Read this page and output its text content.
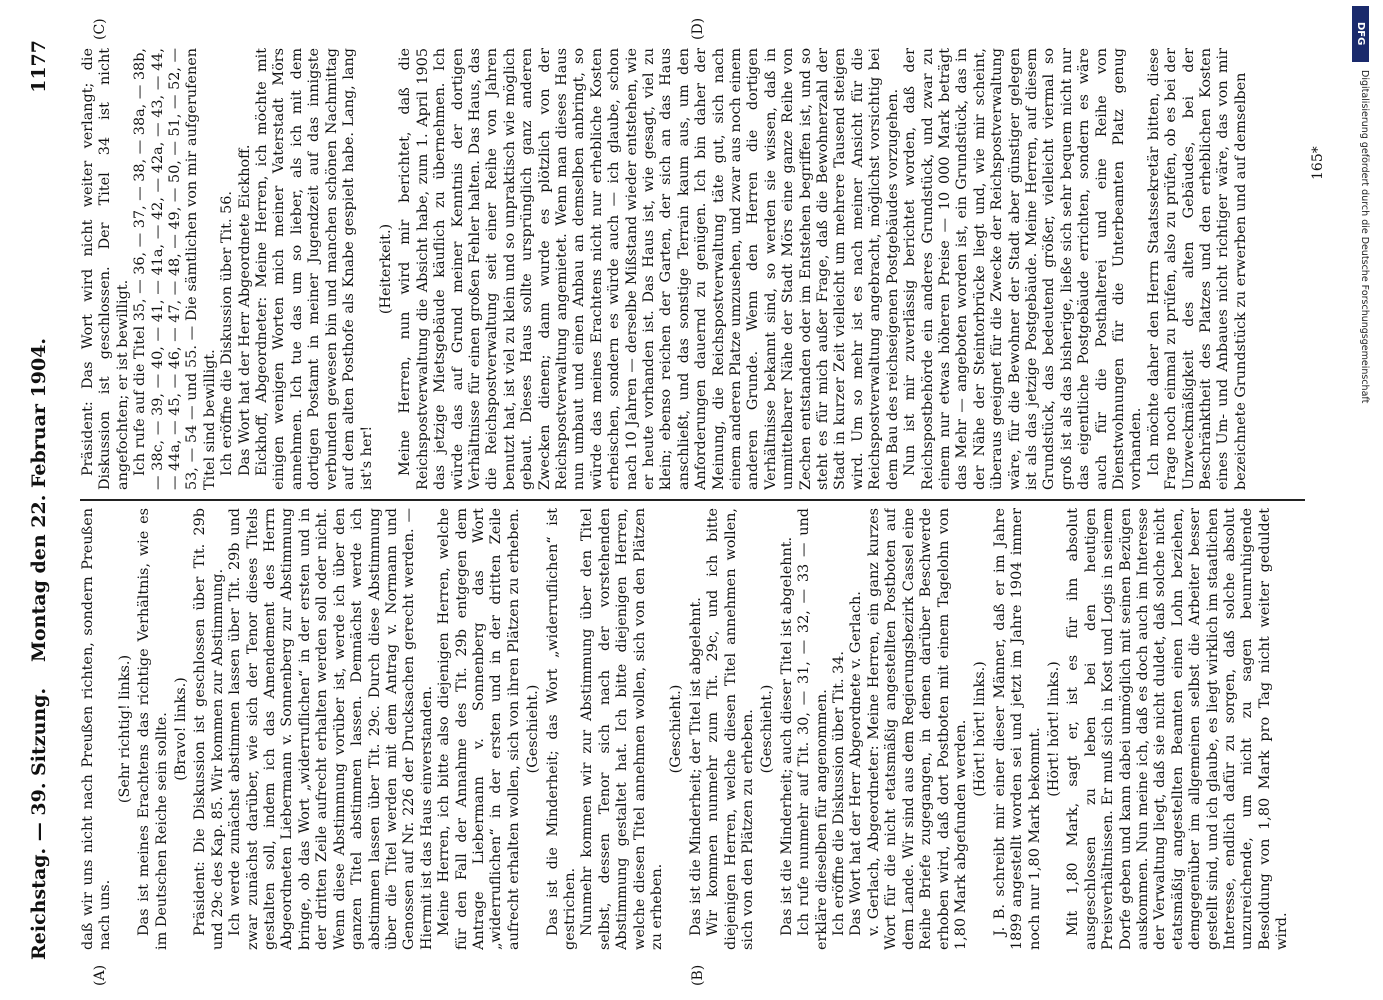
Reichstag. — 39. Sitzung.
Montag den 22. Februar 1904.
1177
(A)	(B)
(C)	(D)

daß wir uns nicht nach Preußen richten, sondern Preußen nach uns.

(Sehr richtig! links.) Das ist meines Erachtens das richtige Verhältnis, wie es im Deutschen Reiche sein sollte. (Bravo! links.) Präsident: Die Diskussion ist geschlossen über Tit. 29b und 29c des Kap. 85. Wir kommen zur Abstimmung. Ich werde zunächst abstimmen lassen über Tit. 29b und zwar zunächst darüber, wie sich der Tenor dieses Titels gestalten soll, indem ich das Amendement des Herrn Abgeordneten Liebermann v. Sonnenberg zur Abstimmung bringe, ob das Wort „widerruflichen“ in der ersten und in der dritten Zeile aufrecht erhalten werden soll oder nicht. Wenn diese Abstimmung vorüber ist, werde ich über den ganzen Titel abstimmen lassen. Demnächst werde ich abstimmen lassen über Tit. 29c. Durch diese Abstimmung über die Titel werden mit dem Antrag v. Normann und Genossen auf Nr. 226 der Drucksachen gerecht werden. — Hiermit ist das Haus einverstanden. Meine Herren, ich bitte also diejenigen Herren, welche für den Fall der Annahme des Tit. 29b entgegen dem Antrage Liebermann v. Sonnenberg das Wort „widerruflichen“ in der ersten und in der dritten Zeile aufrecht erhalten wollen, sich von ihren Plätzen zu erheben. (Geschieht.) Das ist die Minderheit; das Wort „widerruflichen“ ist gestrichen. Nunmehr kommen wir zur Abstimmung über den Titel selbst, dessen Tenor sich nach der vorstehenden Abstimmung gestaltet hat. Ich bitte diejenigen Herren, welche diesen Titel annehmen wollen, sich von den Plätzen zu erheben.

(Geschieht.) Das ist die Minderheit; der Titel ist abgelehnt. Wir kommen nunmehr zum Tit. 29c, und ich bitte diejenigen Herren, welche diesen Titel annehmen wollen, sich von den Plätzen zu erheben. (Geschieht.) Das ist die Minderheit; auch dieser Titel ist abgelehnt. Ich rufe nunmehr auf Tit. 30, — 31, — 32, — 33 — und erkläre dieselben für angenommen. Ich eröffne die Diskussion über Tit. 34. Das Wort hat der Herr Abgeordnete v. Gerlach. v. Gerlach, Abgeordneter: Meine Herren, ein ganz kurzes Wort für die nicht etatsmäßig angestellten Postboten auf dem Lande. Wir sind aus dem Regierungsbezirk Cassel eine Reihe Briefe zugegangen, in denen darüber Beschwerde erhoben wird, daß dort Postboten mit einem Tagelohn von 1,80 Mark abgefunden werden. (Hört! hört! links.) J. B. schreibt mir einer dieser Männer, daß er im Jahre 1899 angestellt worden sei und jetzt im Jahre 1904 immer noch nur 1,80 Mark bekommt. (Hört! hört! links.) Mit 1,80 Mark, sagt er, ist es für ihn absolut ausgeschlossen zu leben bei den heutigen Preisverhältnissen. Er muß sich in Kost und Logis in seinem Dorfe geben und kann dabei unmöglich mit seinen Bezügen auskommen. Nun meine ich, daß es doch auch im Interesse der Verwaltung liegt, daß sie nicht duldet, daß solche nicht etatsmäßig angestellten Beamten einen Lohn beziehen, demgegenüber im allgemeinen selbst die Arbeiter besser gestellt sind, und ich glaube, es liegt wirklich im staatlichen Interesse, endlich dafür zu sorgen, daß solche absolut unzureichende, um nicht zu sagen beunruhigende Besoldung von 1,80 Mark pro Tag nicht weiter geduldet wird.

Präsident: Das Wort wird nicht weiter verlangt; die Diskussion ist geschlossen. Der Titel 34 ist nicht angefochten; er ist bewilligt. Ich rufe auf die Titel 35, — 36, — 37, — 38, — 38a, — 38b, — 38c, — 39, — 40, — 41, — 41a, — 42, — 42a, — 43, — 44, — 44a, — 45, — 46, — 47, — 48, — 49, — 50, — 51, — 52, — 53, — 54 — und 55. — Die sämtlichen von mir aufgerufenen Titel sind bewilligt. Ich eröffne die Diskussion über Tit. 56. Das Wort hat der Herr Abgeordnete Eickhoff. Eickhoff, Abgeordneter: Meine Herren, ich möchte mit einigen wenigen Worten mich meiner Vaterstadt Mörs annehmen. Ich tue das um so lieber, als ich mit dem dortigen Postamt in meiner Jugendzeit auf das innigste verbunden gewesen bin und manchen schönen Nachmittag auf dem alten Posthofe als Knabe gespielt habe. Lang, lang ist's her!

(Heiterkeit.) Meine Herren, nun wird mir berichtet, daß die Reichspostverwaltung die Absicht habe, zum 1. April 1905 das jetzige Mietsgebäude käuflich zu übernehmen. Ich würde das auf Grund meiner Kenntnis der dortigen Verhältnisse für einen großen Fehler halten. Das Haus, das die Reichspostverwaltung seit einer Reihe von Jahren benutzt hat, ist viel zu klein und so unpraktisch wie möglich gebaut. Dieses Haus sollte ursprünglich ganz anderen Zwecken dienen; dann wurde es plötzlich von der Reichspostverwaltung angemietet. Wenn man dieses Haus nun umbaut und einen Anbau an demselben anbringt, so würde das meines Erachtens nicht nur erhebliche Kosten erheischen, sondern es würde auch — ich glaube, schon nach 10 Jahren — derselbe Mißstand wieder entstehen, wie er heute vorhanden ist. Das Haus ist, wie gesagt, viel zu klein; ebenso reichen der Garten, der sich an das Haus anschließt, und das sonstige Terrain kaum aus, um den Anforderungen dauernd zu genügen. Ich bin daher der Meinung, die Reichspostverwaltung täte gut, sich nach einem anderen Platze umzusehen, und zwar aus noch einem anderen Grunde. Wenn den Herren die dortigen Verhältnisse bekannt sind, so werden sie wissen, daß in unmittelbarer Nähe der Stadt Mörs eine ganze Reihe von Zechen entstanden oder im Entstehen begriffen ist, und so steht es für mich außer Frage, daß die Bewohnerzahl der Stadt in kurzer Zeit vielleicht um mehrere Tausend steigen wird. Um so mehr ist es nach meiner Ansicht für die Reichspostverwaltung angebracht, möglichst vorsichtig bei dem Bau des reichseigenen Postgebäudes vorzugehen. Nun ist mir zuverlässig berichtet worden, daß der Reichspostbehörde ein anderes Grundstück, und zwar zu einem nur etwas höheren Preise — 10 000 Mark beträgt das Mehr — angeboten worden ist, ein Grundstück, das in der Nähe der Steintorbrücke liegt und, wie mir scheint, überaus geeignet für die Zwecke der Reichspostverwaltung wäre, für die Bewohner der Stadt aber günstiger gelegen ist als das jetzige Postgebäude. Meine Herren, auf diesem Grundstück, das bedeutend größer, vielleicht viermal so groß ist als das bisherige, ließe sich sehr bequem nicht nur das eigentliche Postgebäude errichten, sondern es wäre auch für die Posthalterei und eine Reihe von Dienstwohnungen für die Unterbeamten Platz genug vorhanden. Ich möchte daher den Herrn Staatssekretär bitten, diese Frage noch einmal zu prüfen, also zu prüfen, ob es bei der Unzweckmäßigkeit des alten Gebäudes, bei der Beschränktheit des Platzes und den erheblichen Kosten eines Um- und Anbaues nicht richtiger wäre, das von mir bezeichnete Grundstück zu erwerben und auf demselben	165*
DFG
Digitalisierung gefördert durch die Deutsche Forschungsgemeinschaft
